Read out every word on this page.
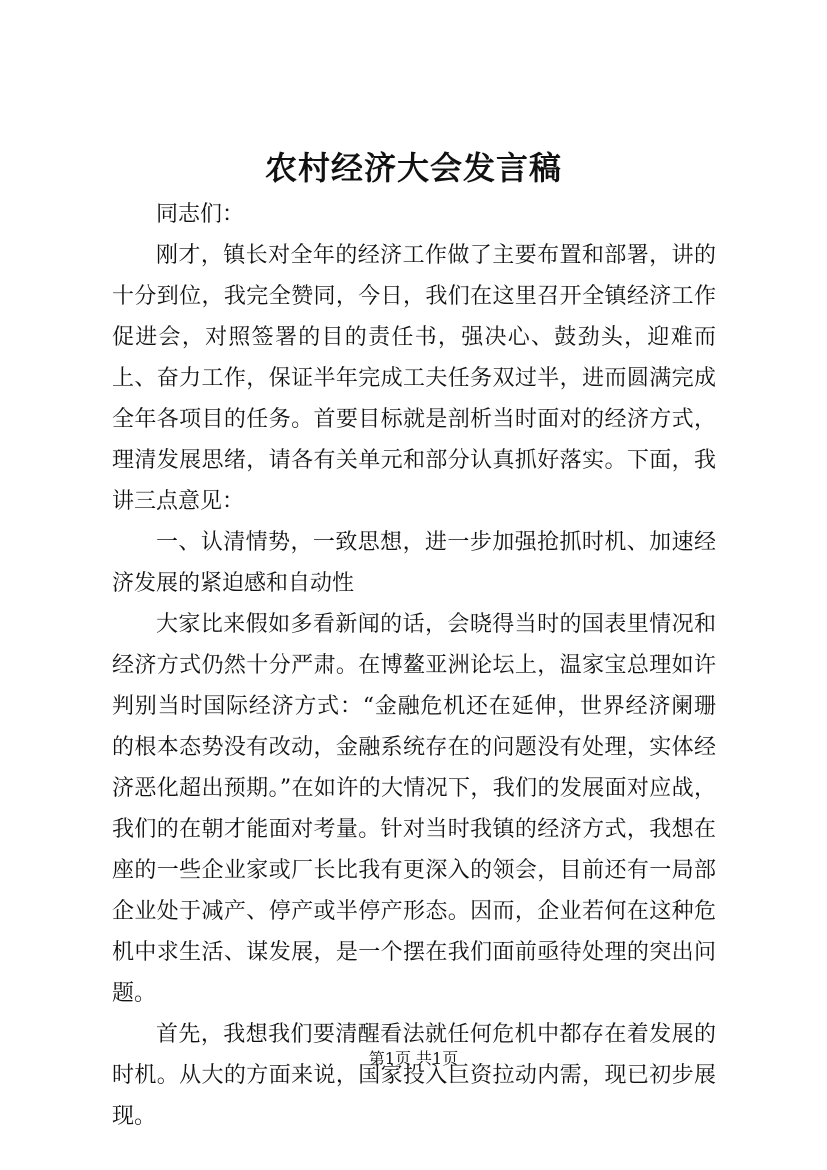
农村经济大会发言稿

同志们：

刚才，镇长对全年的经济工作做了主要布置和部署，讲的十分到位，我完全赞同，今日，我们在这里召开全镇经济工作促进会，对照签署的目的责任书，强决心、鼓劲头，迎难而上、奋力工作，保证半年完成工夫任务双过半，进而圆满完成全年各项目的任务。首要目标就是剖析当时面对的经济方式，理清发展思绪，请各有关单元和部分认真抓好落实。下面，我讲三点意见：

一、认清情势，一致思想，进一步加强抢抓时机、加速经济发展的紧迫感和自动性

大家比来假如多看新闻的话，会晓得当时的国表里情况和经济方式仍然十分严肃。在博鳌亚洲论坛上，温家宝总理如许判别当时国际经济方式：“金融危机还在延伸，世界经济阑珊的根本态势没有改动，金融系统存在的问题没有处理，实体经济恶化超出预期。”在如许的大情况下，我们的发展面对应战，我们的在朝才能面对考量。针对当时我镇的经济方式，我想在座的一些企业家或厂长比我有更深入的领会，目前还有一局部企业处于减产、停产或半停产形态。因而，企业若何在这种危机中求生活、谋发展，是一个摆在我们面前亟待处理的突出问题。

首先，我想我们要清醒看法就任何危机中都存在着发展的时机。从大的方面来说，国家投入巨资拉动内需，现已初步展现。

第1页 共1页
